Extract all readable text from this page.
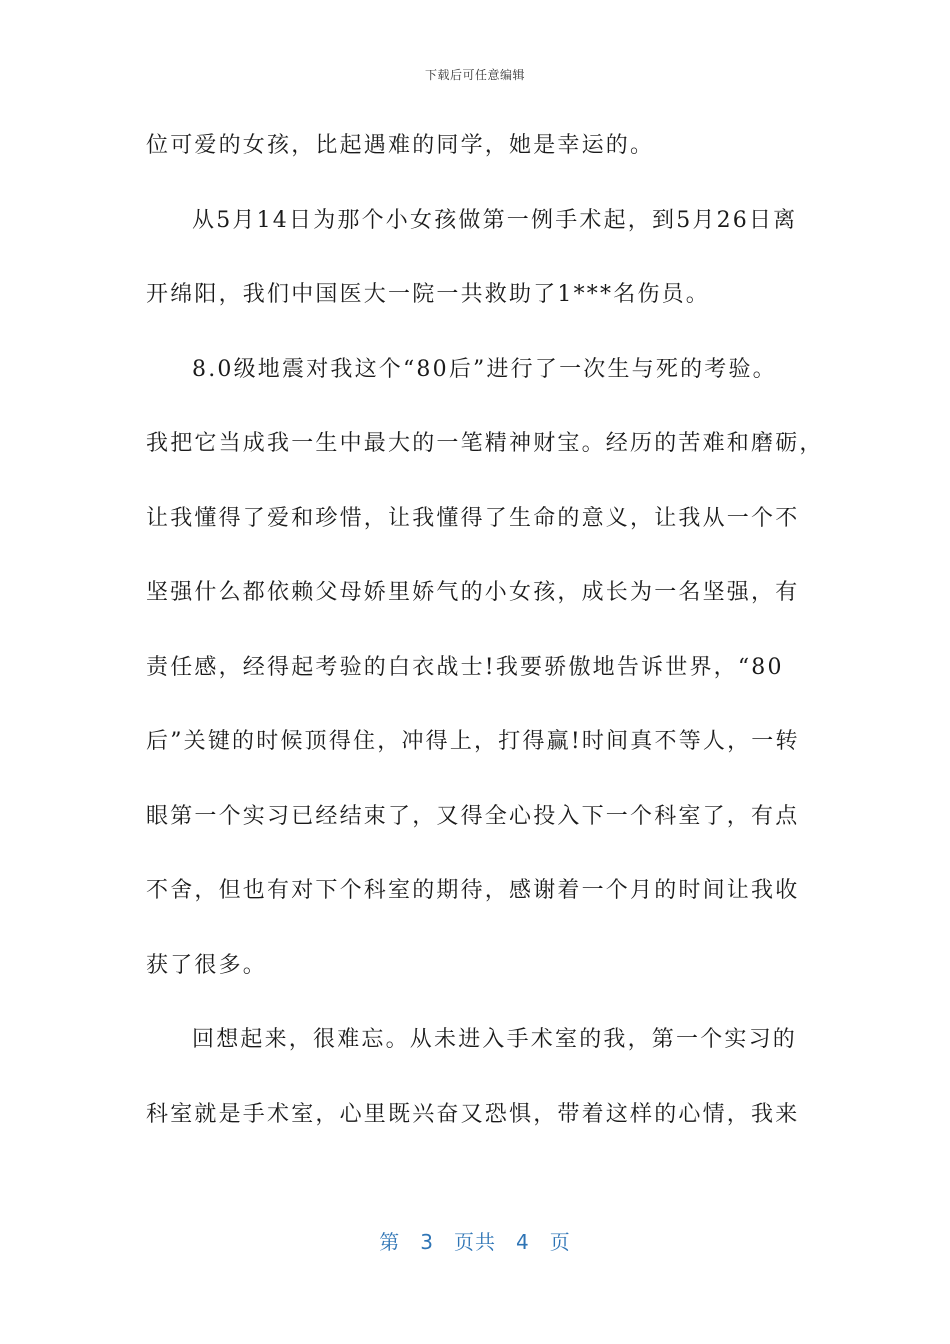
下载后可任意编辑
位可爱的女孩，比起遇难的同学，她是幸运的。
从5月14日为那个小女孩做第一例手术起，到5月26日离
开绵阳，我们中国医大一院一共救助了1***名伤员。
8.0级地震对我这个“80后”进行了一次生与死的考验。
我把它当成我一生中最大的一笔精神财宝。经历的苦难和磨砺，
让我懂得了爱和珍惜，让我懂得了生命的意义，让我从一个不
坚强什么都依赖父母娇里娇气的小女孩，成长为一名坚强，有
责任感，经得起考验的白衣战士!我要骄傲地告诉世界，“80
后”关键的时候顶得住，冲得上，打得赢!时间真不等人，一转
眼第一个实习已经结束了，又得全心投入下一个科室了，有点
不舍，但也有对下个科室的期待，感谢着一个月的时间让我收
获了很多。
回想起来，很难忘。从未进入手术室的我，第一个实习的
科室就是手术室，心里既兴奋又恐惧，带着这样的心情，我来
第 3 页共 4 页
